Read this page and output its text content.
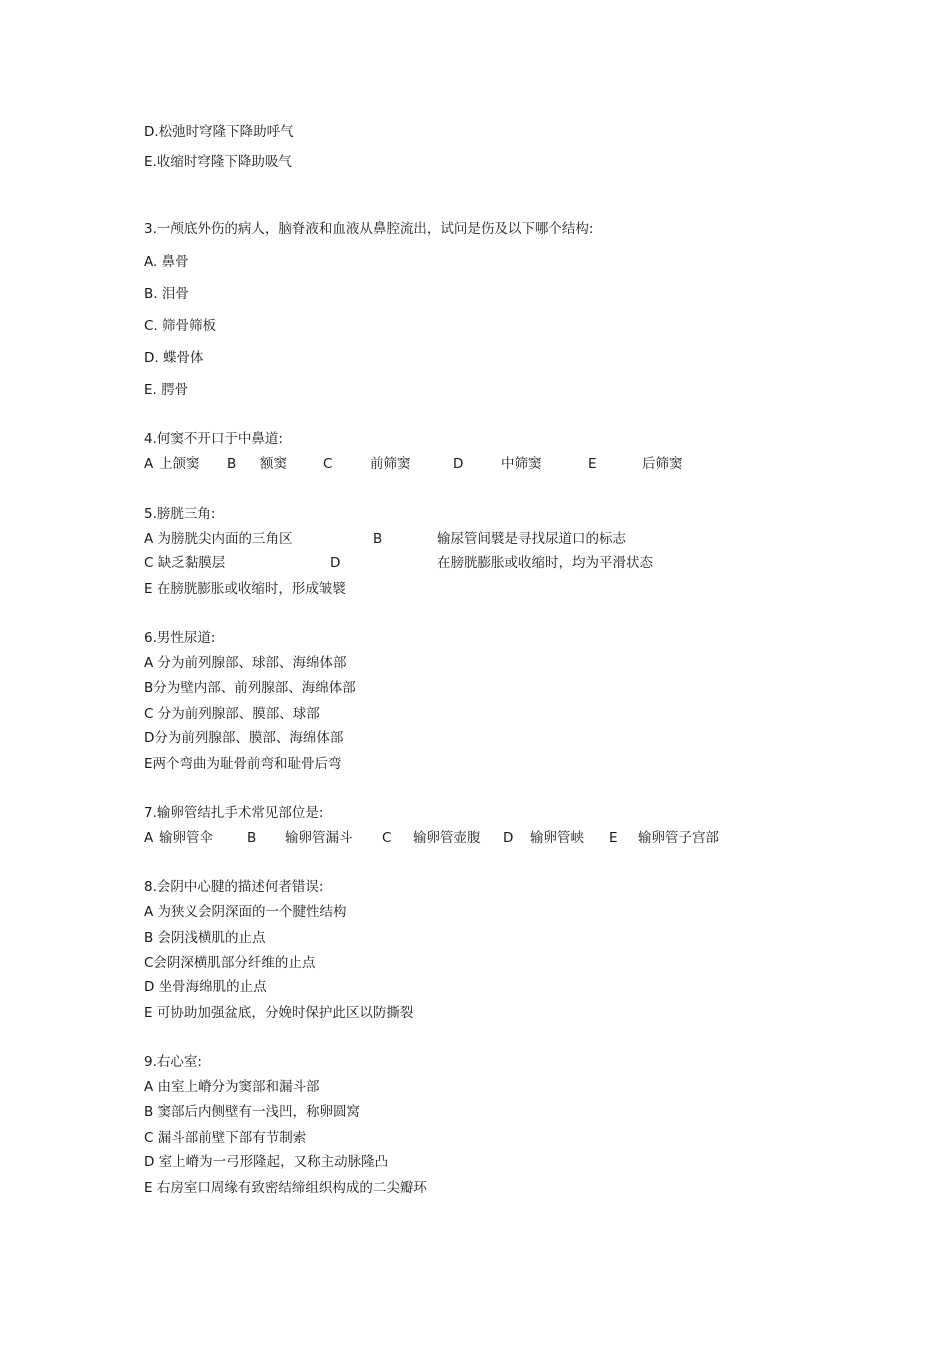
D.松弛时穹隆下降助呼气
E.收缩时穹隆下降助吸气
3.一颅底外伤的病人，脑脊液和血液从鼻腔流出，试问是伤及以下哪个结构:
A. 鼻骨
B. 泪骨
C. 筛骨筛板
D. 蝶骨体
E. 腭骨
4.何窦不开口于中鼻道:
A 上颌窦 B 额窦	C	前筛窦	D	中筛窦	E	后筛窦
5.膀胱三角:
A 为膀胱尖内面的三角区	B	输尿管间襞是寻找尿道口的标志
C 缺乏黏膜层	D	在膀胱膨胀或收缩时，均为平滑状态
E 在膀胱膨胀或收缩时，形成皱襞
6.男性尿道:
A 分为前列腺部、球部、海绵体部
B分为壁内部、前列腺部、海绵体部
C 分为前列腺部、膜部、球部
D分为前列腺部、膜部、海绵体部
E两个弯曲为耻骨前弯和耻骨后弯
7.输卵管结扎手术常见部位是:
A 输卵管伞	B 输卵管漏斗 C 输卵管壶腹 D 输卵管峡 E 输卵管子宫部
8.会阴中心腱的描述何者错误:
A 为狭义会阴深面的一个腱性结构
B 会阴浅横肌的止点
C会阴深横肌部分纤维的止点
D 坐骨海绵肌的止点
E 可协助加强盆底，分娩时保护此区以防撕裂
9.右心室:
A 由室上嵴分为窦部和漏斗部
B 窦部后内侧壁有一浅凹，称卵圆窝
C 漏斗部前壁下部有节制索
D 室上嵴为一弓形隆起，又称主动脉隆凸
E 右房室口周缘有致密结缔组织构成的二尖瓣环
